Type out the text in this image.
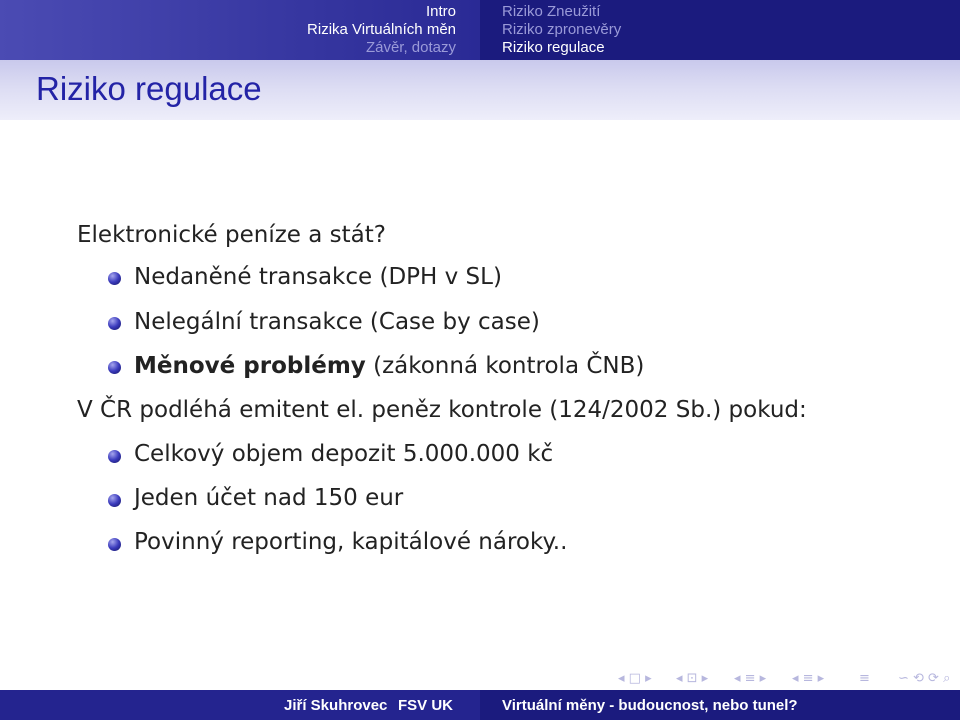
Intro
Rizika Virtuálních měn
Závěr, dotazy
Riziko Zneužití
Riziko zpronevěry
Riziko regulace
Riziko regulace
Elektronické peníze a stát?
Nedaněné transakce (DPH v SL)
Nelegální transakce (Case by case)
Měnové problémy (zákonná kontrola ČNB)
V ČR podléhá emitent el. peněz kontrole (124/2002 Sb.) pokud:
Celkový objem depozit 5.000.000 kč
Jeden účet nad 150 eur
Povinný reporting, kapitálové nároky..
◂ □ ▸ ◂ ⊡ ▸ ◂ ≡ ▸ ◂ ≡ ▸	≡ ∽ ⟲ ⟳ ⌕
Jiří Skuhrovec FSV UK	Virtuální měny - budoucnost, nebo tunel?
